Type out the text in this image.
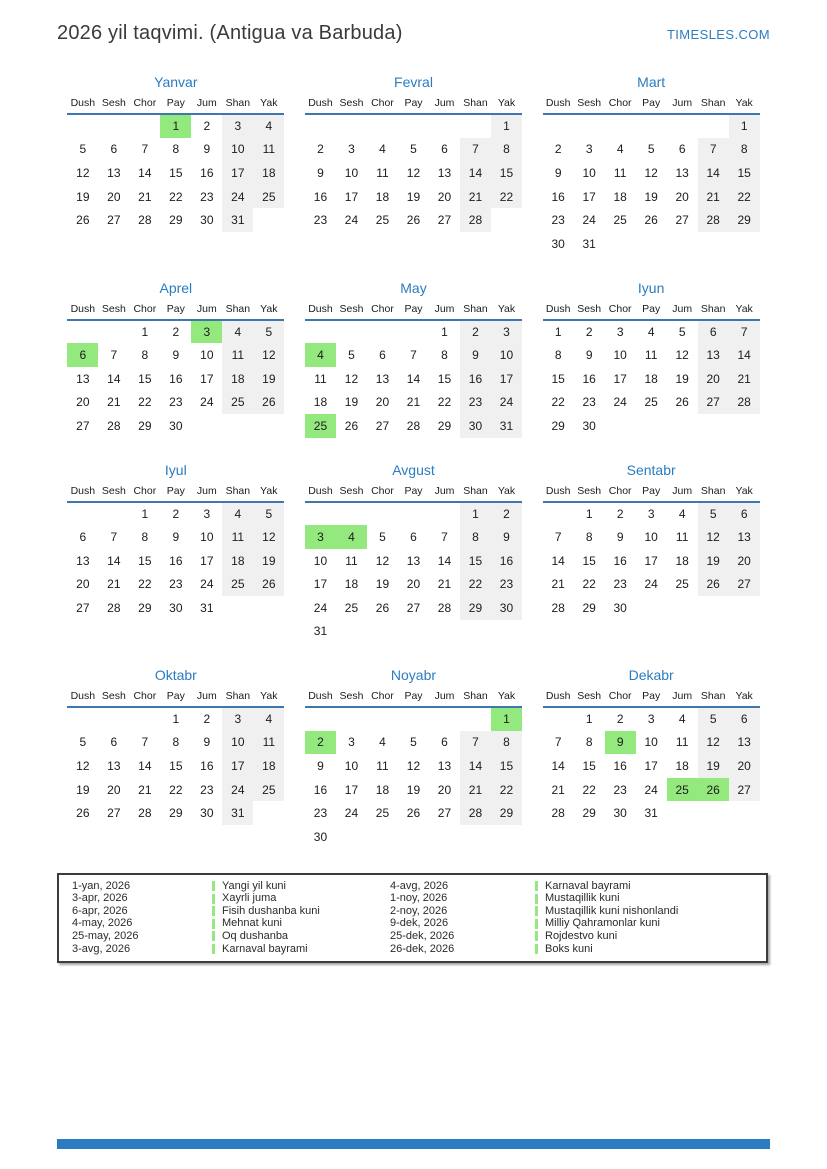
2026 yil taqvimi. (Antigua va Barbuda)	TIMESLES.COM
Yanvar
Dush	Sesh	Chor	Pay	Jum	Shan	Yak
			1	2	3	4
5	6	7	8	9	10	11
12	13	14	15	16	17	18
19	20	21	22	23	24	25
26	27	28	29	30	31	
Fevral
Dush	Sesh	Chor	Pay	Jum	Shan	Yak
						1
2	3	4	5	6	7	8
9	10	11	12	13	14	15
16	17	18	19	20	21	22
23	24	25	26	27	28	
Mart
Dush	Sesh	Chor	Pay	Jum	Shan	Yak
						1
2	3	4	5	6	7	8
9	10	11	12	13	14	15
16	17	18	19	20	21	22
23	24	25	26	27	28	29
30	31					
Aprel
Dush	Sesh	Chor	Pay	Jum	Shan	Yak
		1	2	3	4	5
6	7	8	9	10	11	12
13	14	15	16	17	18	19
20	21	22	23	24	25	26
27	28	29	30			
May
Dush	Sesh	Chor	Pay	Jum	Shan	Yak
				1	2	3
4	5	6	7	8	9	10
11	12	13	14	15	16	17
18	19	20	21	22	23	24
25	26	27	28	29	30	31
Iyun
Dush	Sesh	Chor	Pay	Jum	Shan	Yak
1	2	3	4	5	6	7
8	9	10	11	12	13	14
15	16	17	18	19	20	21
22	23	24	25	26	27	28
29	30					
Iyul
Dush	Sesh	Chor	Pay	Jum	Shan	Yak
		1	2	3	4	5
6	7	8	9	10	11	12
13	14	15	16	17	18	19
20	21	22	23	24	25	26
27	28	29	30	31		
Avgust
Dush	Sesh	Chor	Pay	Jum	Shan	Yak
					1	2
3	4	5	6	7	8	9
10	11	12	13	14	15	16
17	18	19	20	21	22	23
24	25	26	27	28	29	30
31						
Sentabr
Dush	Sesh	Chor	Pay	Jum	Shan	Yak
	1	2	3	4	5	6
7	8	9	10	11	12	13
14	15	16	17	18	19	20
21	22	23	24	25	26	27
28	29	30				
Oktabr
Dush	Sesh	Chor	Pay	Jum	Shan	Yak
			1	2	3	4
5	6	7	8	9	10	11
12	13	14	15	16	17	18
19	20	21	22	23	24	25
26	27	28	29	30	31	
Noyabr
Dush	Sesh	Chor	Pay	Jum	Shan	Yak
						1
2	3	4	5	6	7	8
9	10	11	12	13	14	15
16	17	18	19	20	21	22
23	24	25	26	27	28	29
30						
Dekabr
Dush	Sesh	Chor	Pay	Jum	Shan	Yak
	1	2	3	4	5	6
7	8	9	10	11	12	13
14	15	16	17	18	19	20
21	22	23	24	25	26	27
28	29	30	31			
1-yan, 2026	Yangi yil kuni	4-avg, 2026	Karnaval bayrami
3-apr, 2026	Xayrli juma	1-noy, 2026	Mustaqillik kuni
6-apr, 2026	Fisih dushanba kuni	2-noy, 2026	Mustaqillik kuni nishonlandi
4-may, 2026	Mehnat kuni	9-dek, 2026	Milliy Qahramonlar kuni
25-may, 2026	Oq dushanba	25-dek, 2026	Rojdestvo kuni
3-avg, 2026	Karnaval bayrami	26-dek, 2026	Boks kuni
